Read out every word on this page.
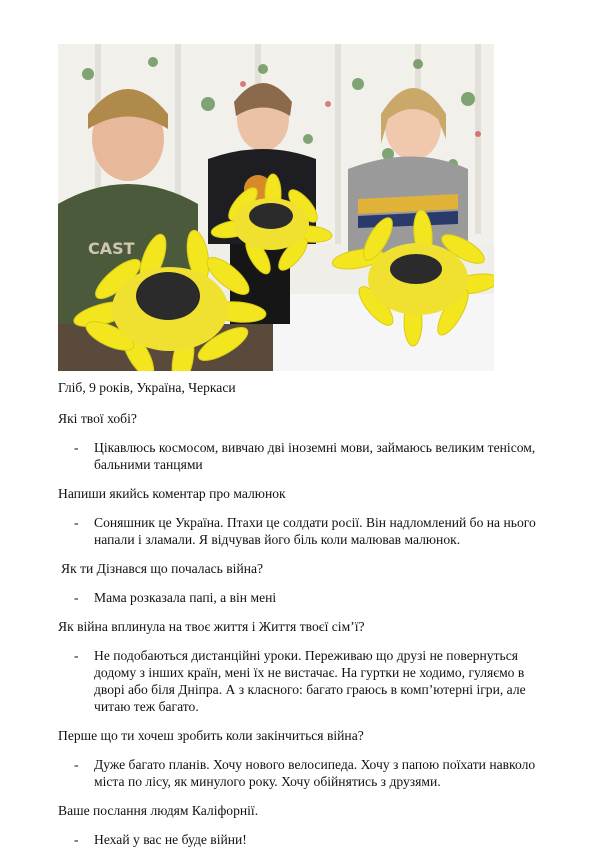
CAST

Гліб, 9 років, Україна, Черкаси

Які твої хобі?

- Цікавлюсь космосом, вивчаю дві іноземні мови, займаюсь великим тенісом, бальними танцями

Напиши якийсь коментар про малюнок

- Соняшник це Україна. Птахи це солдати росії. Він надломлений бо на нього напали і зламали. Я відчував його біль коли малював малюнок.

Як ти Дізнався що почалась війна?

- Мама розказала папі, а він мені

Як війна вплинула на твоє життя і Життя твоєї сім’ї?

- Не подобаються дистанційні уроки. Переживаю що друзі не повернуться додому з інших країн, мені їх не вистачає. На гуртки не ходимо, гуляємо в дворі або біля Дніпра. А з класного: багато граюсь в комп’ютерні ігри, але читаю теж багато.

Перше що ти хочеш зробить коли закінчиться війна?

- Дуже багато планів. Хочу нового велосипеда. Хочу з папою поїхати навколо міста по ліcу, як минулого року. Хочу обійнятись з друзями.

Ваше послання людям Каліфорнії.

- Нехай у вас не буде війни!
